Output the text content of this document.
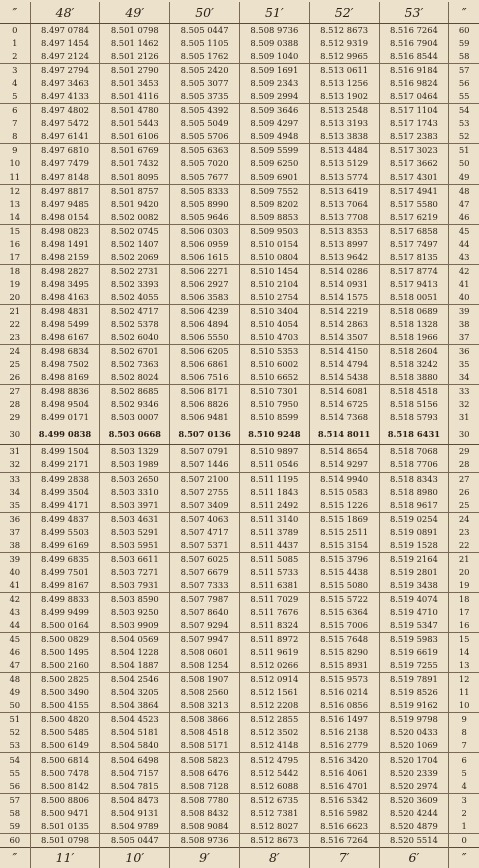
″	48′	49′	50′	51′	52′	53′	″
0	8.497 0784	8.501 0798	8.505 0447	8.508 9736	8.512 8673	8.516 7264	60
1	8.497 1454	8.501 1462	8.505 1105	8.509 0388	8.512 9319	8.516 7904	59
2	8.497 2124	8.501 2126	8.505 1762	8.509 1040	8.512 9965	8.516 8544	58
3	8.497 2794	8.501 2790	8.505 2420	8.509 1691	8.513 0611	8.516 9184	57
4	8.497 3463	8.501 3453	8.505 3077	8.509 2343	8.513 1256	8.516 9824	56
5	8.497 4133	8.501 4116	8.505 3735	8.509 2994	8.513 1902	8.517 0464	55
6	8.497 4802	8.501 4780	8.505 4392	8.509 3646	8.513 2548	8.517 1104	54
7	8.497 5472	8.501 5443	8.505 5049	8.509 4297	8.513 3193	8.517 1743	53
8	8.497 6141	8.501 6106	8.505 5706	8.509 4948	8.513 3838	8.517 2383	52
9	8.497 6810	8.501 6769	8.505 6363	8.509 5599	8.513 4484	8.517 3023	51
10	8.497 7479	8.501 7432	8.505 7020	8.509 6250	8.513 5129	8.517 3662	50
11	8.497 8148	8.501 8095	8.505 7677	8.509 6901	8.513 5774	8.517 4301	49
12	8.497 8817	8.501 8757	8.505 8333	8.509 7552	8.513 6419	8.517 4941	48
13	8.497 9485	8.501 9420	8.505 8990	8.509 8202	8.513 7064	8.517 5580	47
14	8.498 0154	8.502 0082	8.505 9646	8.509 8853	8.513 7708	8.517 6219	46
15	8.498 0823	8.502 0745	8.506 0303	8.509 9503	8.513 8353	8.517 6858	45
16	8.498 1491	8.502 1407	8.506 0959	8.510 0154	8.513 8997	8.517 7497	44
17	8.498 2159	8.502 2069	8.506 1615	8.510 0804	8.513 9642	8.517 8135	43
18	8.498 2827	8.502 2731	8.506 2271	8.510 1454	8.514 0286	8.517 8774	42
19	8.498 3495	8.502 3393	8.506 2927	8.510 2104	8.514 0931	8.517 9413	41
20	8.498 4163	8.502 4055	8.506 3583	8.510 2754	8.514 1575	8.518 0051	40
21	8.498 4831	8.502 4717	8.506 4239	8.510 3404	8.514 2219	8.518 0689	39
22	8.498 5499	8.502 5378	8.506 4894	8.510 4054	8.514 2863	8.518 1328	38
23	8.498 6167	8.502 6040	8.506 5550	8.510 4703	8.514 3507	8.518 1966	37
24	8.498 6834	8.502 6701	8.506 6205	8.510 5353	8.514 4150	8.518 2604	36
25	8.498 7502	8.502 7363	8.506 6861	8.510 6002	8.514 4794	8.518 3242	35
26	8.498 8169	8.502 8024	8.506 7516	8.510 6652	8.514 5438	8.518 3880	34
27	8.498 8836	8.502 8685	8.506 8171	8.510 7301	8.514 6081	8.518 4518	33
28	8.498 9504	8.502 9346	8.506 8826	8.510 7950	8.514 6725	8.518 5156	32
29	8.499 0171	8.503 0007	8.506 9481	8.510 8599	8.514 7368	8.518 5793	31
30	8.499 0838	8.503 0668	8.507 0136	8.510 9248	8.514 8011	8.518 6431	30
31	8.499 1504	8.503 1329	8.507 0791	8.510 9897	8.514 8654	8.518 7068	29
32	8.499 2171	8.503 1989	8.507 1446	8.511 0546	8.514 9297	8.518 7706	28
33	8.499 2838	8.503 2650	8.507 2100	8.511 1195	8.514 9940	8.518 8343	27
34	8.499 3504	8.503 3310	8.507 2755	8.511 1843	8.515 0583	8.518 8980	26
35	8.499 4171	8.503 3971	8.507 3409	8.511 2492	8.515 1226	8.518 9617	25
36	8.499 4837	8.503 4631	8.507 4063	8.511 3140	8.515 1869	8.519 0254	24
37	8.499 5503	8.503 5291	8.507 4717	8.511 3789	8.515 2511	8.519 0891	23
38	8.499 6169	8.503 5951	8.507 5371	8.511 4437	8.515 3154	8.519 1528	22
39	8.499 6835	8.503 6611	8.507 6025	8.511 5085	8.515 3796	8.519 2164	21
40	8.499 7501	8.503 7271	8.507 6679	8.511 5733	8.515 4438	8.519 2801	20
41	8.499 8167	8.503 7931	8.507 7333	8.511 6381	8.515 5080	8.519 3438	19
42	8.499 8833	8.503 8590	8.507 7987	8.511 7029	8.515 5722	8.519 4074	18
43	8.499 9499	8.503 9250	8.507 8640	8.511 7676	8.515 6364	8.519 4710	17
44	8.500 0164	8.503 9909	8.507 9294	8.511 8324	8.515 7006	8.519 5347	16
45	8.500 0829	8.504 0569	8.507 9947	8.511 8972	8.515 7648	8.519 5983	15
46	8.500 1495	8.504 1228	8.508 0601	8.511 9619	8.515 8290	8.519 6619	14
47	8.500 2160	8.504 1887	8.508 1254	8.512 0266	8.515 8931	8.519 7255	13
48	8.500 2825	8.504 2546	8.508 1907	8.512 0914	8.515 9573	8.519 7891	12
49	8.500 3490	8.504 3205	8.508 2560	8.512 1561	8.516 0214	8.519 8526	11
50	8.500 4155	8.504 3864	8.508 3213	8.512 2208	8.516 0856	8.519 9162	10
51	8.500 4820	8.504 4523	8.508 3866	8.512 2855	8.516 1497	8.519 9798	9
52	8.500 5485	8.504 5181	8.508 4518	8.512 3502	8.516 2138	8.520 0433	8
53	8.500 6149	8.504 5840	8.508 5171	8.512 4148	8.516 2779	8.520 1069	7
54	8.500 6814	8.504 6498	8.508 5823	8.512 4795	8.516 3420	8.520 1704	6
55	8.500 7478	8.504 7157	8.508 6476	8.512 5442	8.516 4061	8.520 2339	5
56	8.500 8142	8.504 7815	8.508 7128	8.512 6088	8.516 4701	8.520 2974	4
57	8.500 8806	8.504 8473	8.508 7780	8.512 6735	8.516 5342	8.520 3609	3
58	8.500 9471	8.504 9131	8.508 8432	8.512 7381	8.516 5982	8.520 4244	2
59	8.501 0135	8.504 9789	8.508 9084	8.512 8027	8.516 6623	8.520 4879	1
60	8.501 0798	8.505 0447	8.508 9736	8.512 8673	8.516 7264	8.520 5514	0
″	11′	10′	9′	8′	7′	6′	″
